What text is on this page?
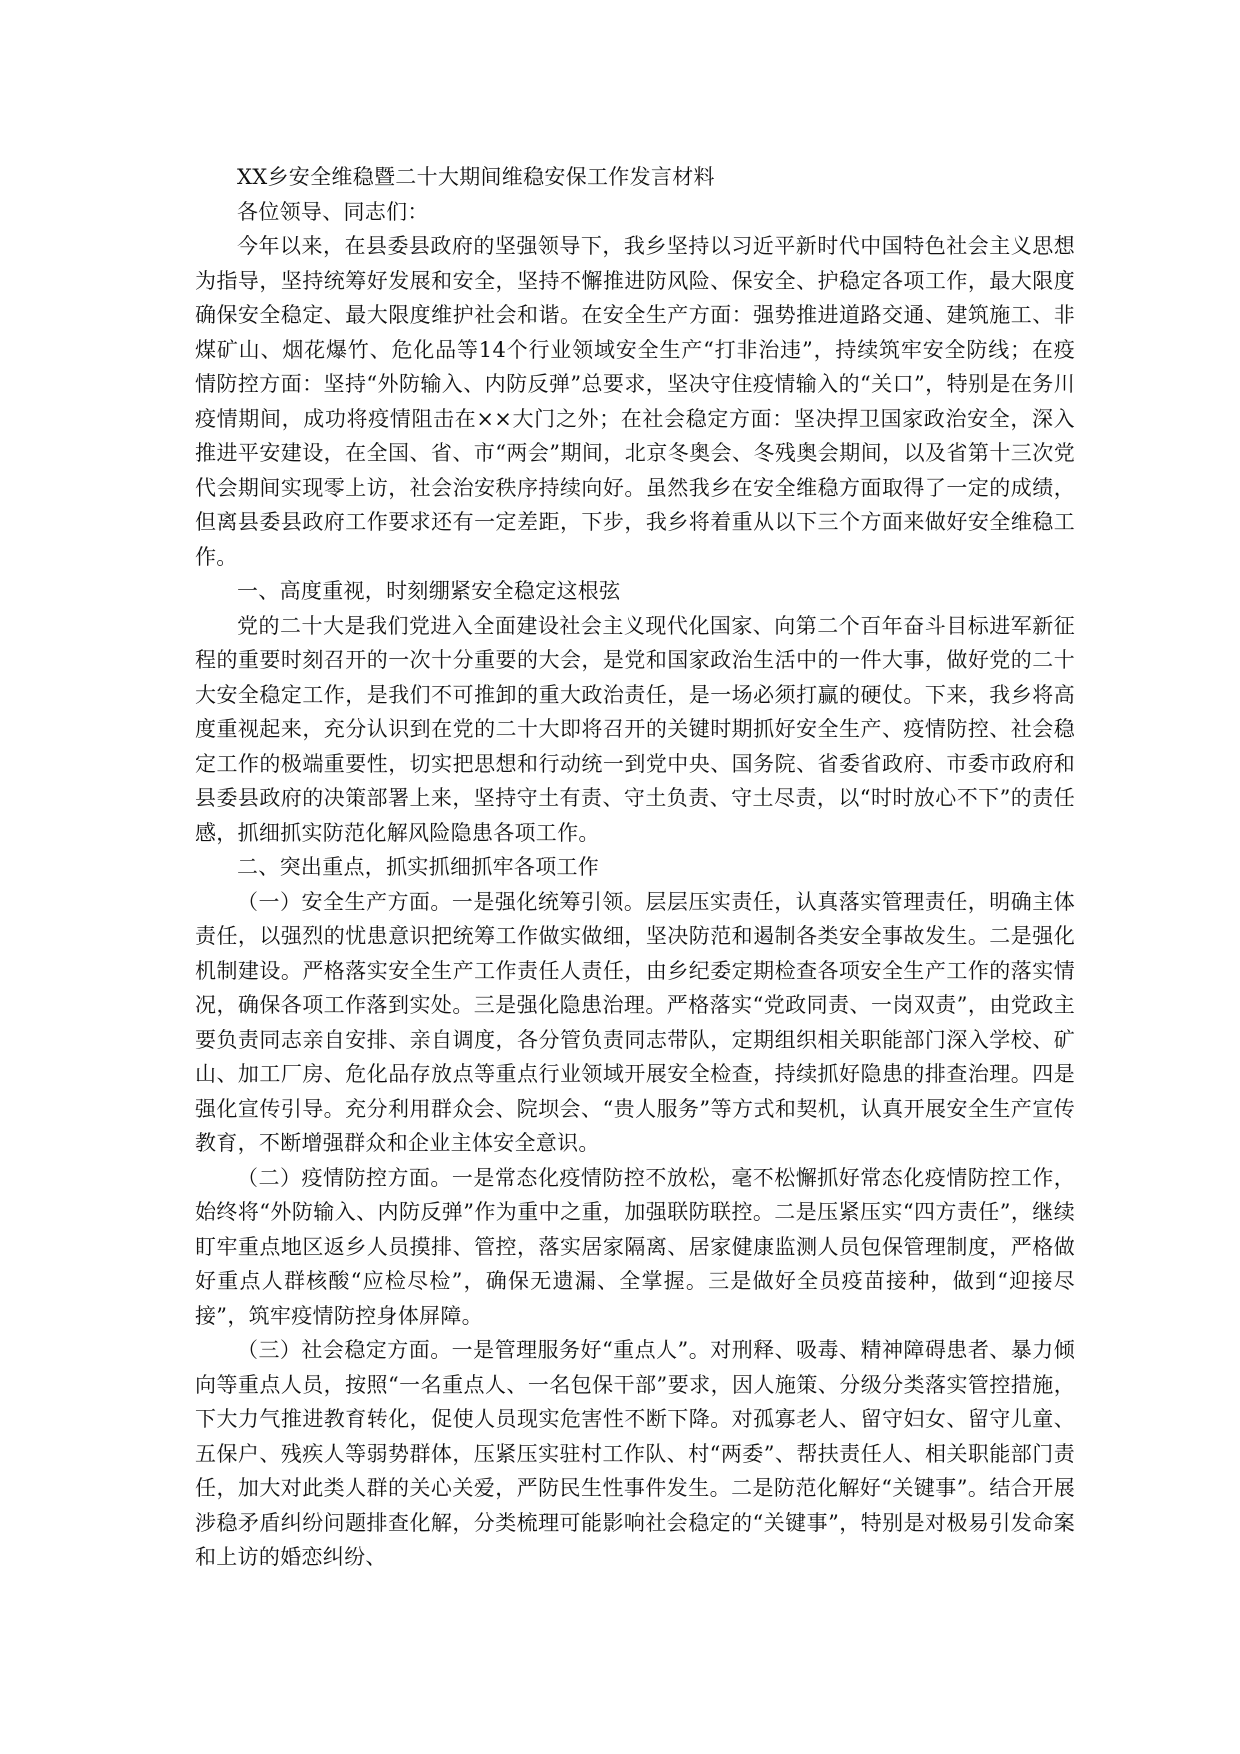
XX乡安全维稳暨二十大期间维稳安保工作发言材料

各位领导、同志们：

今年以来，在县委县政府的坚强领导下，我乡坚持以习近平新时代中国特色社会主义思想为指导，坚持统筹好发展和安全，坚持不懈推进防风险、保安全、护稳定各项工作，最大限度确保安全稳定、最大限度维护社会和谐。在安全生产方面：强势推进道路交通、建筑施工、非煤矿山、烟花爆竹、危化品等14个行业领域安全生产“打非治违”，持续筑牢安全防线；在疫情防控方面：坚持“外防输入、内防反弹”总要求，坚决守住疫情输入的“关口”，特别是在务川疫情期间，成功将疫情阻击在××大门之外；在社会稳定方面：坚决捍卫国家政治安全，深入推进平安建设，在全国、省、市“两会”期间，北京冬奥会、冬残奥会期间，以及省第十三次党代会期间实现零上访，社会治安秩序持续向好。虽然我乡在安全维稳方面取得了一定的成绩，但离县委县政府工作要求还有一定差距，下步，我乡将着重从以下三个方面来做好安全维稳工作。

一、高度重视，时刻绷紧安全稳定这根弦

党的二十大是我们党进入全面建设社会主义现代化国家、向第二个百年奋斗目标进军新征程的重要时刻召开的一次十分重要的大会，是党和国家政治生活中的一件大事，做好党的二十大安全稳定工作，是我们不可推卸的重大政治责任，是一场必须打赢的硬仗。下来，我乡将高度重视起来，充分认识到在党的二十大即将召开的关键时期抓好安全生产、疫情防控、社会稳定工作的极端重要性，切实把思想和行动统一到党中央、国务院、省委省政府、市委市政府和县委县政府的决策部署上来，坚持守土有责、守土负责、守土尽责，以“时时放心不下”的责任感，抓细抓实防范化解风险隐患各项工作。

二、突出重点，抓实抓细抓牢各项工作

（一）安全生产方面。一是强化统筹引领。层层压实责任，认真落实管理责任，明确主体责任，以强烈的忧患意识把统筹工作做实做细，坚决防范和遏制各类安全事故发生。二是强化机制建设。严格落实安全生产工作责任人责任，由乡纪委定期检查各项安全生产工作的落实情况，确保各项工作落到实处。三是强化隐患治理。严格落实“党政同责、一岗双责”，由党政主要负责同志亲自安排、亲自调度，各分管负责同志带队，定期组织相关职能部门深入学校、矿山、加工厂房、危化品存放点等重点行业领域开展安全检查，持续抓好隐患的排查治理。四是强化宣传引导。充分利用群众会、院坝会、“贵人服务”等方式和契机，认真开展安全生产宣传教育，不断增强群众和企业主体安全意识。

（二）疫情防控方面。一是常态化疫情防控不放松，毫不松懈抓好常态化疫情防控工作，始终将“外防输入、内防反弹”作为重中之重，加强联防联控。二是压紧压实“四方责任”，继续盯牢重点地区返乡人员摸排、管控，落实居家隔离、居家健康监测人员包保管理制度，严格做好重点人群核酸“应检尽检”，确保无遗漏、全掌握。三是做好全员疫苗接种，做到“迎接尽接”，筑牢疫情防控身体屏障。

（三）社会稳定方面。一是管理服务好“重点人”。对刑释、吸毒、精神障碍患者、暴力倾向等重点人员，按照“一名重点人、一名包保干部”要求，因人施策、分级分类落实管控措施，下大力气推进教育转化，促使人员现实危害性不断下降。对孤寡老人、留守妇女、留守儿童、五保户、残疾人等弱势群体，压紧压实驻村工作队、村“两委”、帮扶责任人、相关职能部门责任，加大对此类人群的关心关爱，严防民生性事件发生。二是防范化解好“关键事”。结合开展涉稳矛盾纠纷问题排查化解，分类梳理可能影响社会稳定的“关键事”，特别是对极易引发命案和上访的婚恋纠纷、
